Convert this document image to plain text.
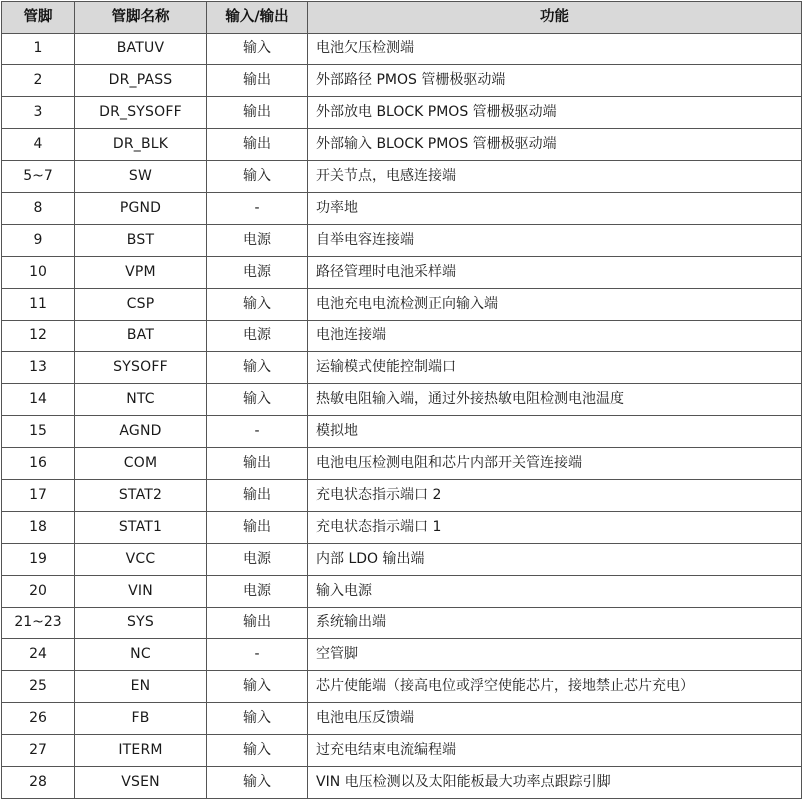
管脚	管脚名称	输入/输出	功能
1	BATUV	输入	电池欠压检测端
2	DR_PASS	输出	外部路径 PMOS 管栅极驱动端
3	DR_SYSOFF	输出	外部放电 BLOCK PMOS 管栅极驱动端
4	DR_BLK	输出	外部输入 BLOCK PMOS 管栅极驱动端
5~7	SW	输入	开关节点，电感连接端
8	PGND	-	功率地
9	BST	电源	自举电容连接端
10	VPM	电源	路径管理时电池采样端
11	CSP	输入	电池充电电流检测正向输入端
12	BAT	电源	电池连接端
13	SYSOFF	输入	运输模式使能控制端口
14	NTC	输入	热敏电阻输入端，通过外接热敏电阻检测电池温度
15	AGND	-	模拟地
16	COM	输出	电池电压检测电阻和芯片内部开关管连接端
17	STAT2	输出	充电状态指示端口 2
18	STAT1	输出	充电状态指示端口 1
19	VCC	电源	内部 LDO 输出端
20	VIN	电源	输入电源
21~23	SYS	输出	系统输出端
24	NC	-	空管脚
25	EN	输入	芯片使能端（接高电位或浮空使能芯片，接地禁止芯片充电）
26	FB	输入	电池电压反馈端
27	ITERM	输入	过充电结束电流编程端
28	VSEN	输入	VIN 电压检测以及太阳能板最大功率点跟踪引脚
